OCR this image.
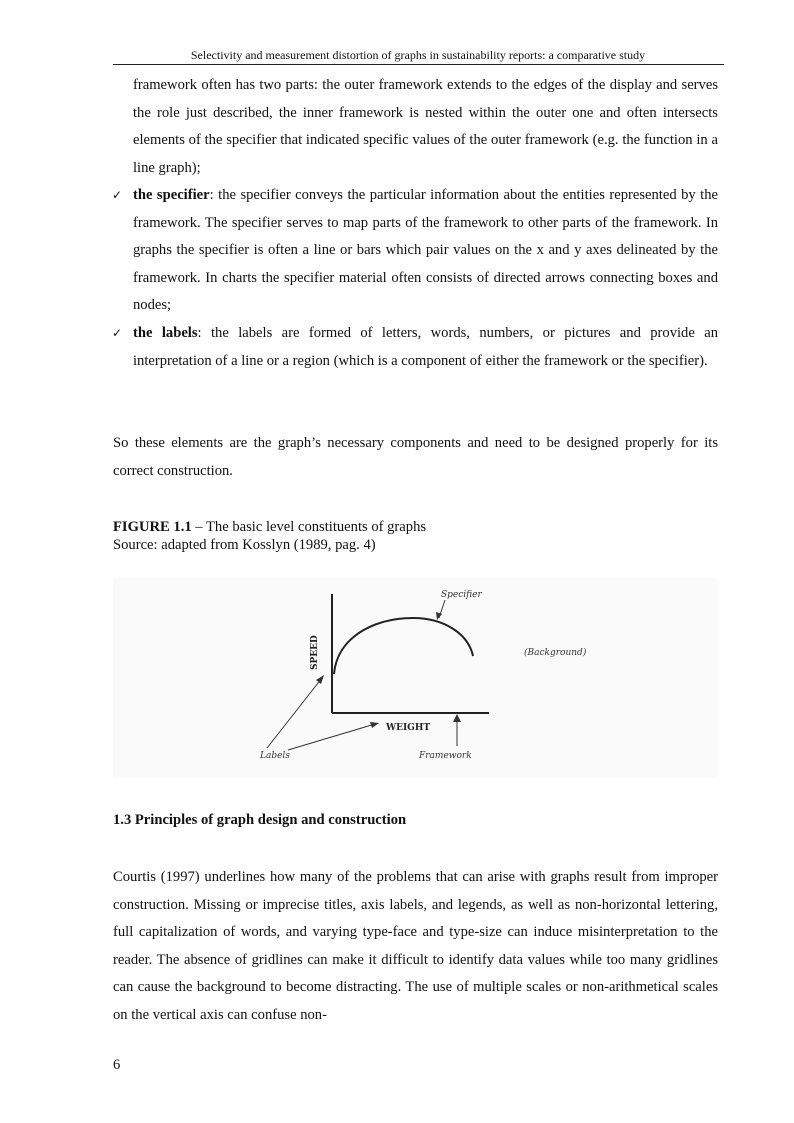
Selectivity and measurement distortion of graphs in sustainability reports: a comparative study
framework often has two parts: the outer framework extends to the edges of the display and serves the role just described, the inner framework is nested within the outer one and often intersects elements of the specifier that indicated specific values of the outer framework (e.g. the function in a line graph);
✓ the specifier: the specifier conveys the particular information about the entities represented by the framework. The specifier serves to map parts of the framework to other parts of the framework. In graphs the specifier is often a line or bars which pair values on the x and y axes delineated by the framework. In charts the specifier material often consists of directed arrows connecting boxes and nodes;
✓ the labels: the labels are formed of letters, words, numbers, or pictures and provide an interpretation of a line or a region (which is a component of either the framework or the specifier).
So these elements are the graph’s necessary components and need to be designed properly for its correct construction.
FIGURE 1.1 – The basic level constituents of graphs
Source: adapted from Kosslyn (1989, pag. 4)
Specifier
(Background)
SPEED
WEIGHT
Labels	Framework
1.3 Principles of graph design and construction
Courtis (1997) underlines how many of the problems that can arise with graphs result from improper construction. Missing or imprecise titles, axis labels, and legends, as well as non-horizontal lettering, full capitalization of words, and varying type-face and type-size can induce misinterpretation to the reader. The absence of gridlines can make it difficult to identify data values while too many gridlines can cause the background to become distracting. The use of multiple scales or non-arithmetical scales on the vertical axis can confuse non-
6
